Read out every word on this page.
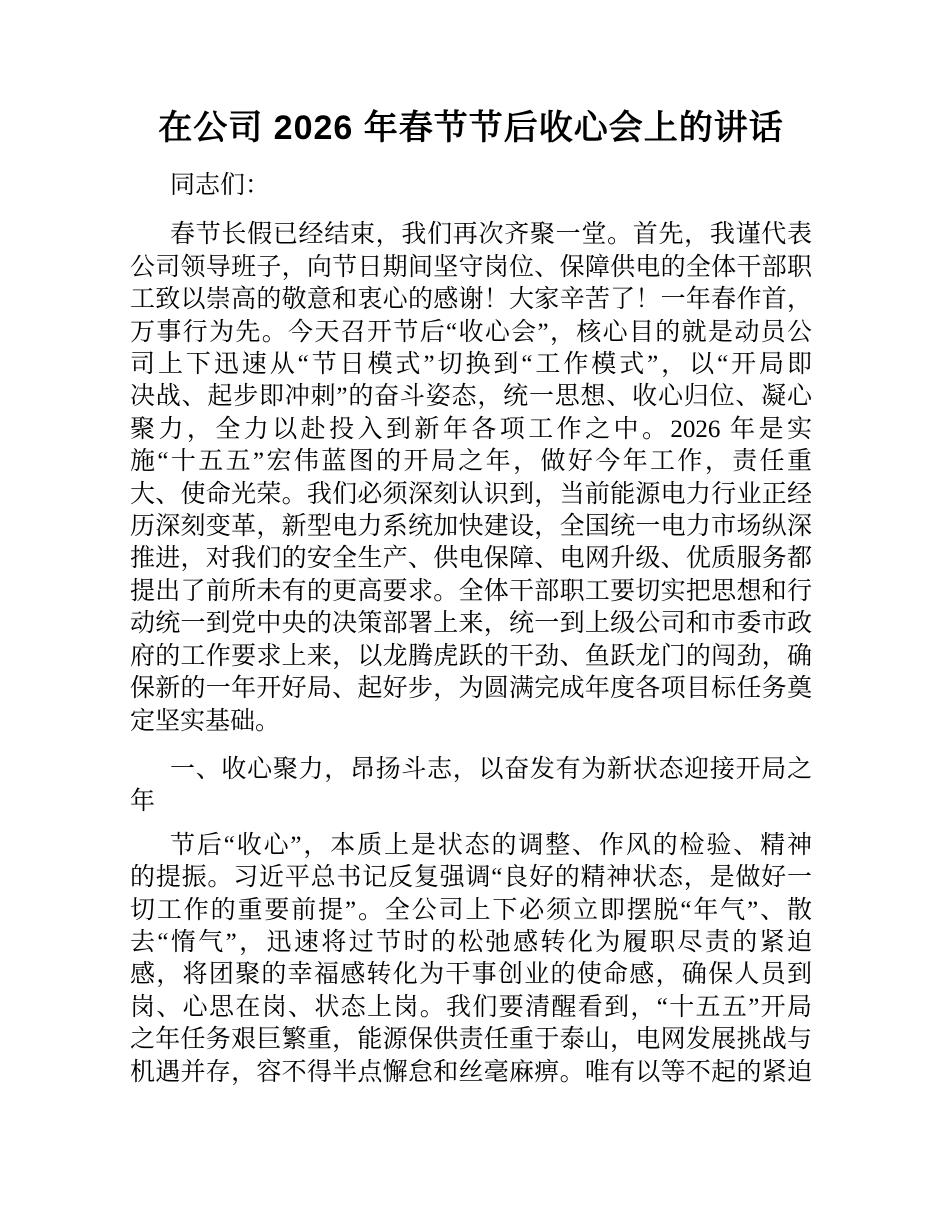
在公司 2026 年春节节后收心会上的讲话
同志们：
春节长假已经结束，我们再次齐聚一堂。首先，我谨代表
公司领导班子，向节日期间坚守岗位、保障供电的全体干部职
工致以崇高的敬意和衷心的感谢！大家辛苦了！一年春作首，
万事行为先。今天召开节后“收心会”，核心目的就是动员公
司上下迅速从“节日模式”切换到“工作模式”，以“开局即
决战、起步即冲刺”的奋斗姿态，统一思想、收心归位、凝心
聚力，全力以赴投入到新年各项工作之中。2026 年是实
施“十五五”宏伟蓝图的开局之年，做好今年工作，责任重
大、使命光荣。我们必须深刻认识到，当前能源电力行业正经
历深刻变革，新型电力系统加快建设，全国统一电力市场纵深
推进，对我们的安全生产、供电保障、电网升级、优质服务都
提出了前所未有的更高要求。全体干部职工要切实把思想和行
动统一到党中央的决策部署上来，统一到上级公司和市委市政
府的工作要求上来，以龙腾虎跃的干劲、鱼跃龙门的闯劲，确
保新的一年开好局、起好步，为圆满完成年度各项目标任务奠
定坚实基础。
一、收心聚力，昂扬斗志，以奋发有为新状态迎接开局之
年
节后“收心”，本质上是状态的调整、作风的检验、精神
的提振。习近平总书记反复强调“良好的精神状态，是做好一
切工作的重要前提”。全公司上下必须立即摆脱“年气”、散
去“惰气”，迅速将过节时的松弛感转化为履职尽责的紧迫
感，将团聚的幸福感转化为干事创业的使命感，确保人员到
岗、心思在岗、状态上岗。我们要清醒看到，“十五五”开局
之年任务艰巨繁重，能源保供责任重于泰山，电网发展挑战与
机遇并存，容不得半点懈怠和丝毫麻痹。唯有以等不起的紧迫
